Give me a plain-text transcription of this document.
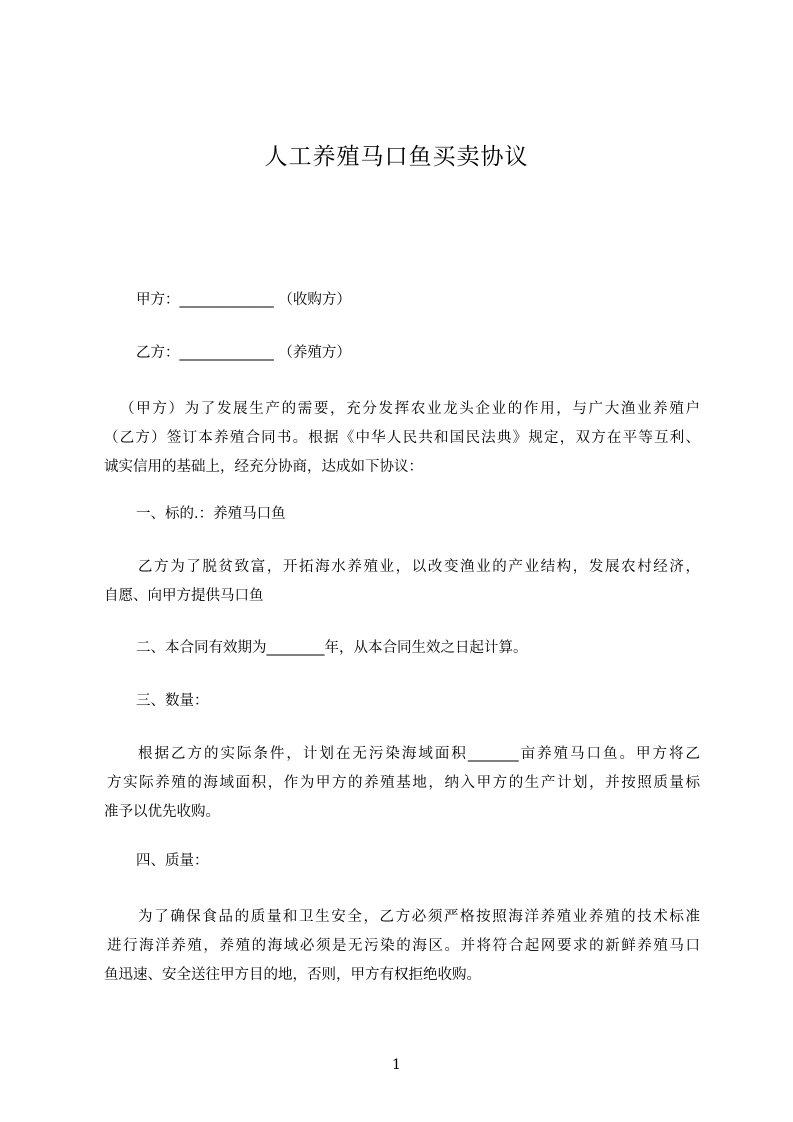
人工养殖马口鱼买卖协议
甲方：_____________ （收购方）
乙方：_____________ （养殖方）
（甲方）为了发展生产的需要，充分发挥农业龙头企业的作用，与广大渔业养殖户
（乙方）签订本养殖合同书。根据《中华人民共和国民法典》规定，双方在平等互利、
诚实信用的基础上，经充分协商，达成如下协议：
一、标的.：养殖马口鱼
乙方为了脱贫致富，开拓海水养殖业，以改变渔业的产业结构，发展农村经济，
自愿、向甲方提供马口鱼
二、本合同有效期为________年，从本合同生效之日起计算。
三、数量：
根据乙方的实际条件，计划在无污染海域面积_______亩养殖马口鱼。甲方将乙
方实际养殖的海域面积，作为甲方的养殖基地，纳入甲方的生产计划，并按照质量标
准予以优先收购。
四、质量：
为了确保食品的质量和卫生安全，乙方必须严格按照海洋养殖业养殖的技术标准
进行海洋养殖，养殖的海域必须是无污染的海区。并将符合起网要求的新鲜养殖马口
鱼迅速、安全送往甲方目的地，否则，甲方有权拒绝收购。
1
